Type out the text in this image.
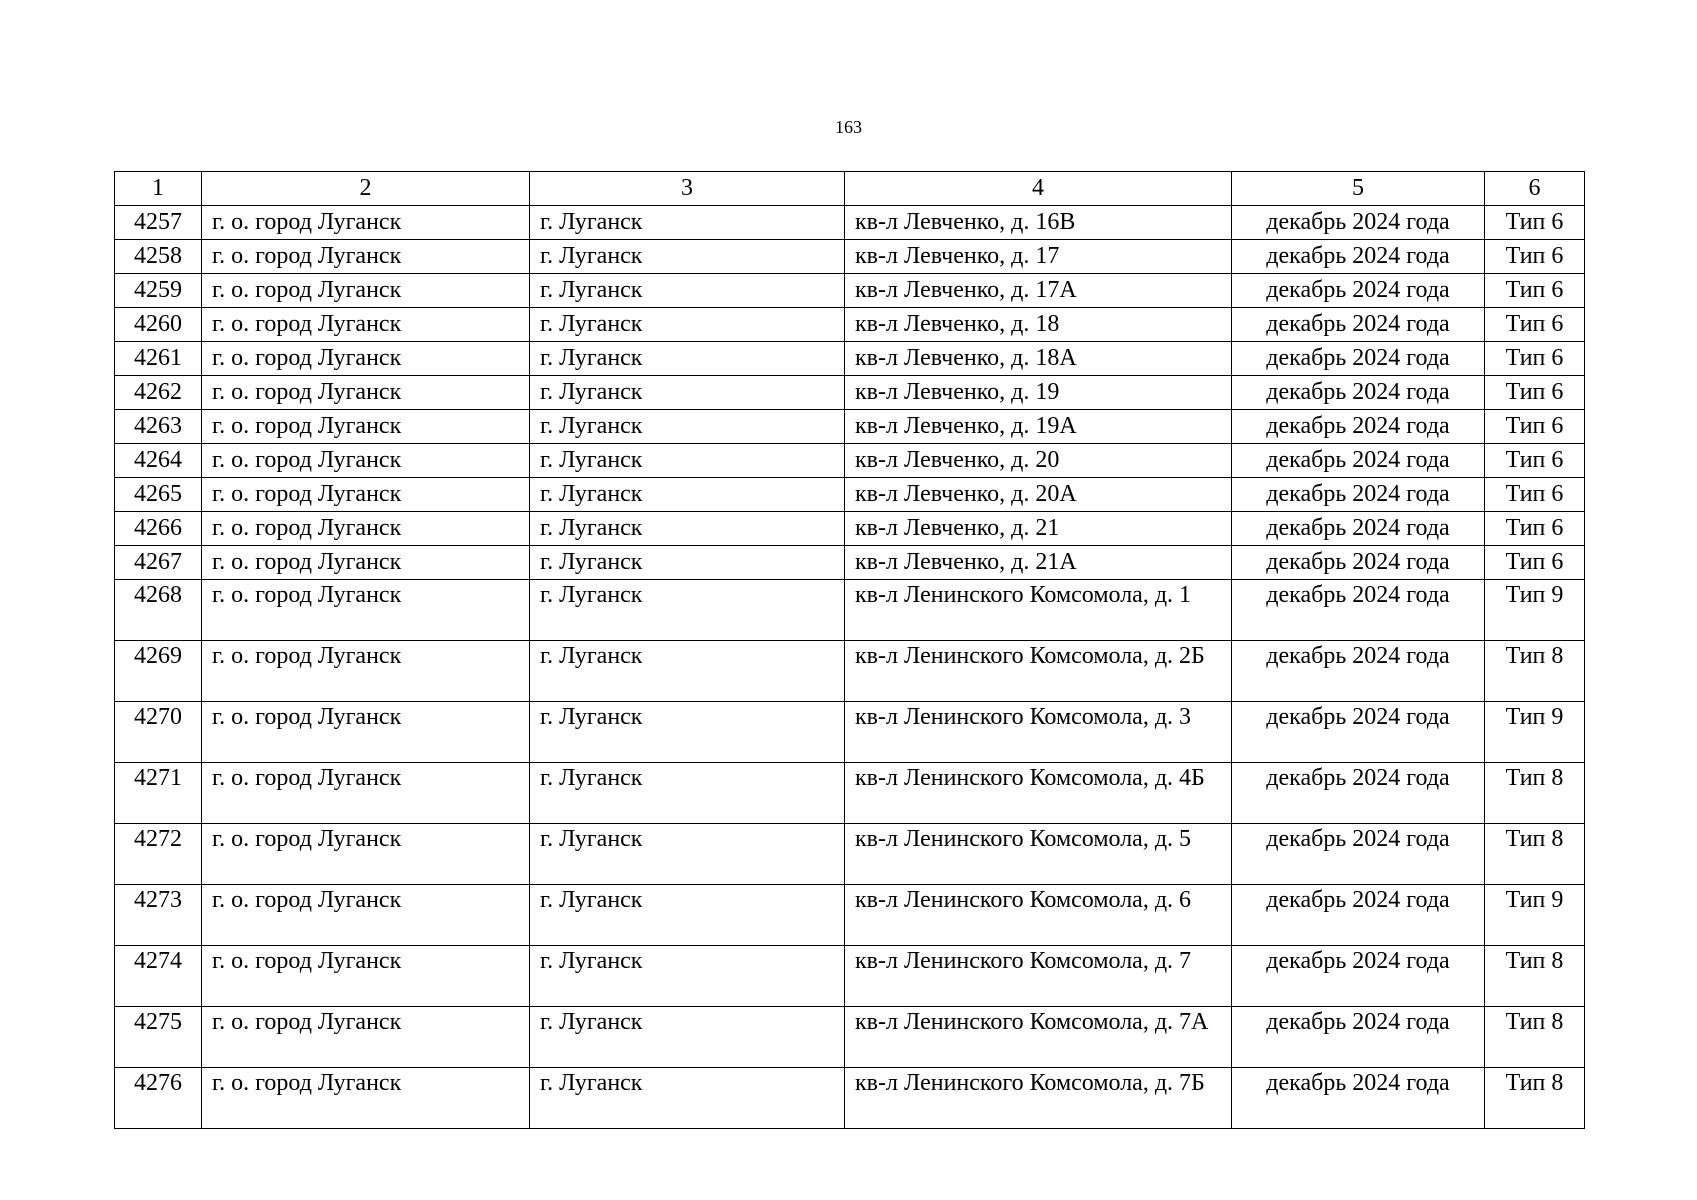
163
1	2	3	4	5	6
4257	г. о. город Луганск	г. Луганск	кв-л Левченко, д. 16В	декабрь 2024 года	Тип 6
4258	г. о. город Луганск	г. Луганск	кв-л Левченко, д. 17	декабрь 2024 года	Тип 6
4259	г. о. город Луганск	г. Луганск	кв-л Левченко, д. 17А	декабрь 2024 года	Тип 6
4260	г. о. город Луганск	г. Луганск	кв-л Левченко, д. 18	декабрь 2024 года	Тип 6
4261	г. о. город Луганск	г. Луганск	кв-л Левченко, д. 18А	декабрь 2024 года	Тип 6
4262	г. о. город Луганск	г. Луганск	кв-л Левченко, д. 19	декабрь 2024 года	Тип 6
4263	г. о. город Луганск	г. Луганск	кв-л Левченко, д. 19А	декабрь 2024 года	Тип 6
4264	г. о. город Луганск	г. Луганск	кв-л Левченко, д. 20	декабрь 2024 года	Тип 6
4265	г. о. город Луганск	г. Луганск	кв-л Левченко, д. 20А	декабрь 2024 года	Тип 6
4266	г. о. город Луганск	г. Луганск	кв-л Левченко, д. 21	декабрь 2024 года	Тип 6
4267	г. о. город Луганск	г. Луганск	кв-л Левченко, д. 21А	декабрь 2024 года	Тип 6
4268	г. о. город Луганск	г. Луганск	кв-л Ленинского Комсомола, д. 1	декабрь 2024 года	Тип 9
4269	г. о. город Луганск	г. Луганск	кв-л Ленинского Комсомола, д. 2Б	декабрь 2024 года	Тип 8
4270	г. о. город Луганск	г. Луганск	кв-л Ленинского Комсомола, д. 3	декабрь 2024 года	Тип 9
4271	г. о. город Луганск	г. Луганск	кв-л Ленинского Комсомола, д. 4Б	декабрь 2024 года	Тип 8
4272	г. о. город Луганск	г. Луганск	кв-л Ленинского Комсомола, д. 5	декабрь 2024 года	Тип 8
4273	г. о. город Луганск	г. Луганск	кв-л Ленинского Комсомола, д. 6	декабрь 2024 года	Тип 9
4274	г. о. город Луганск	г. Луганск	кв-л Ленинского Комсомола, д. 7	декабрь 2024 года	Тип 8
4275	г. о. город Луганск	г. Луганск	кв-л Ленинского Комсомола, д. 7А	декабрь 2024 года	Тип 8
4276	г. о. город Луганск	г. Луганск	кв-л Ленинского Комсомола, д. 7Б	декабрь 2024 года	Тип 8
